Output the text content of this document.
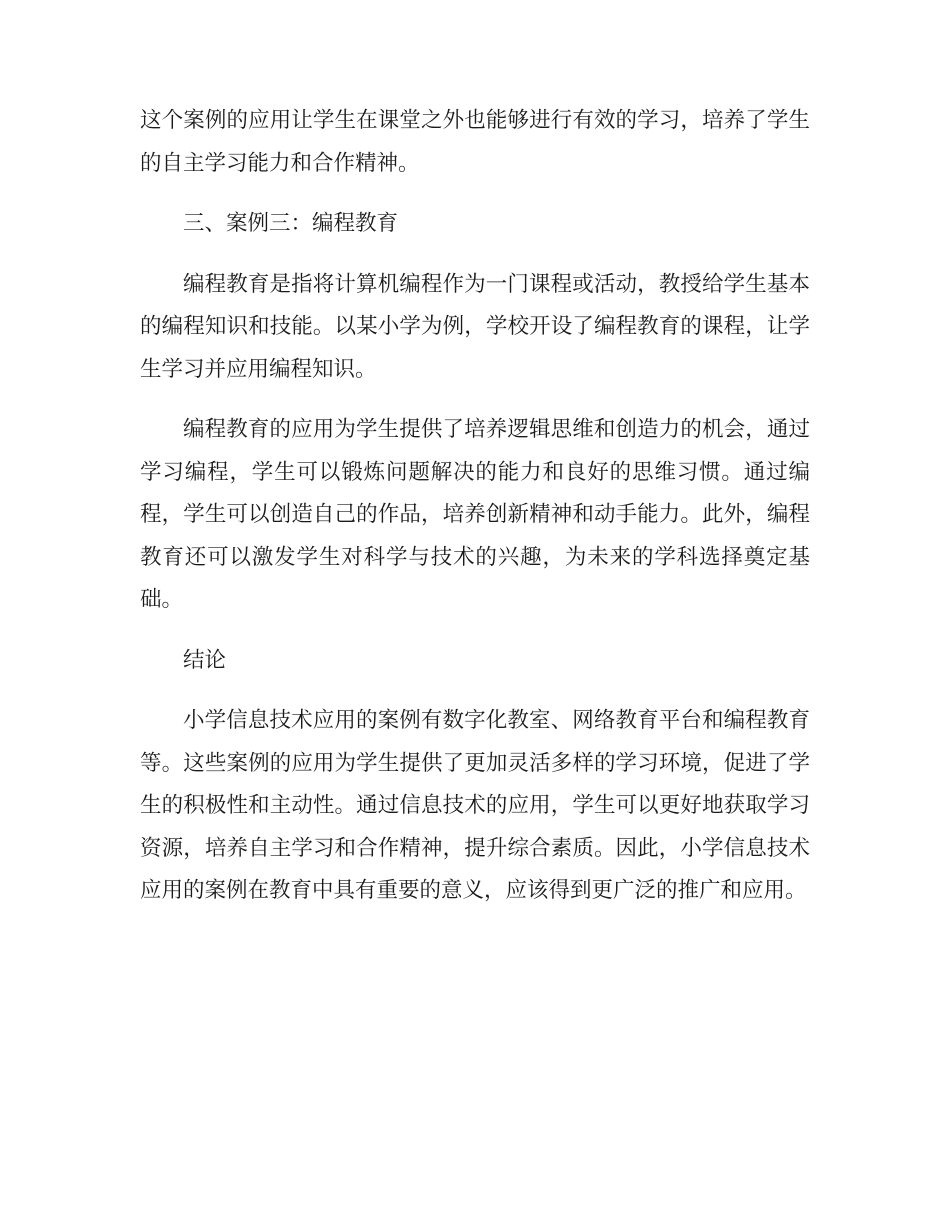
这个案例的应用让学生在课堂之外也能够进行有效的学习，培养了学生的自主学习能力和合作精神。

三、案例三：编程教育

编程教育是指将计算机编程作为一门课程或活动，教授给学生基本的编程知识和技能。以某小学为例，学校开设了编程教育的课程，让学生学习并应用编程知识。

编程教育的应用为学生提供了培养逻辑思维和创造力的机会，通过学习编程，学生可以锻炼问题解决的能力和良好的思维习惯。通过编程，学生可以创造自己的作品，培养创新精神和动手能力。此外，编程教育还可以激发学生对科学与技术的兴趣，为未来的学科选择奠定基础。

结论

小学信息技术应用的案例有数字化教室、网络教育平台和编程教育等。这些案例的应用为学生提供了更加灵活多样的学习环境，促进了学生的积极性和主动性。通过信息技术的应用，学生可以更好地获取学习资源，培养自主学习和合作精神，提升综合素质。因此，小学信息技术应用的案例在教育中具有重要的意义，应该得到更广泛的推广和应用。
